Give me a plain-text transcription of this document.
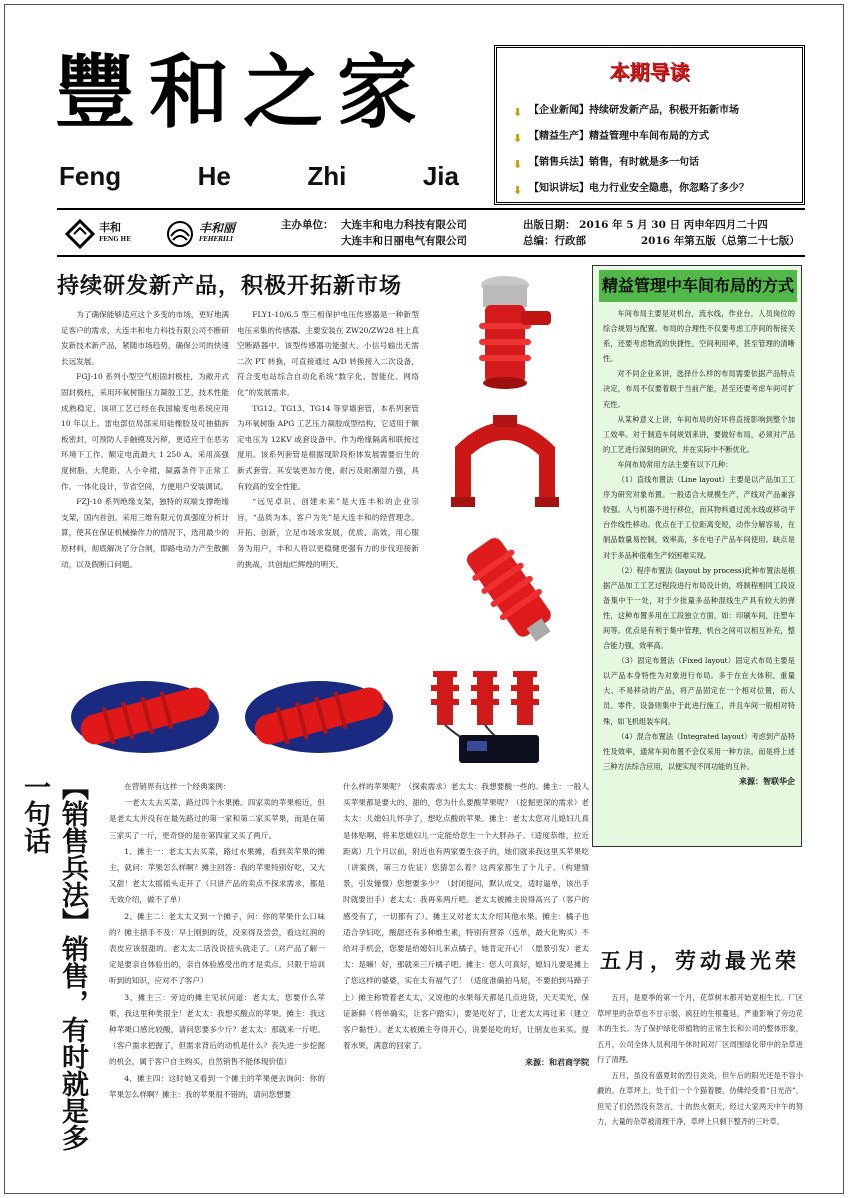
豐和之家
Feng	He	Zhi	Jia
本期导读
⬇ 【企业新闻】持续研发新产品，积极开拓新市场
⬇ 【精益生产】精益管理中车间布局的方式
⬇ 【销售兵法】销售，有时就是多一句话
⬇ 【知识讲坛】电力行业安全隐患，你忽略了多少？
丰和
FENG HE
丰和丽
FEHERILI
主办单位： 大连丰和电力科技有限公司
大连丰和日丽电气有限公司
出版日期： 2016 年 5 月 30 日 丙申年四月二十四
总编：行政部               2016 年第五版（总第二十七版）
持续研发新产品，积极开拓新市场

为了确保能够适应这个多变的市场，更好地满足客户的需求，大连丰和电力科技有限公司不断研发新技术新产品，紧随市场趋势，确保公司的快速长远发展。

FGJ-10 系列小型空气柜固封极柱，为敞开式固封极柱，采用环氧树脂压力凝胶工艺，技术性能成熟稳定，该项工艺已经在我国输变电系统应用 10 年以上。雷电部位局部采用硅橡胶及可抽插拆板密封，可预防人手触摸及污秽，更适应于在恶劣环境下工作。额定电流最大 1 250 A。采用高强度树脂，大爬距、人小伞裙，凝露条件下正常工作。一体化设计，节省空间，方便用户安装调试。

FZJ-10 系列绝缘支架，独特的双端支撑绝缘支架，国内首创。采用三维有限元仿真强度分析计算，使其在保证机械操作力的情况下，选用最少的原材料，彻底解决了分合闸，即路电动力产生散颤动，以及假断口问题。

FLY1-10/6.5 型三相保护电压传感器是一种新型电压采集的传感器。主要安装在 ZW20/ZW28 柱上真空断路器中。该型传感器功能强大，小信号输出无需二次 PT 转换，可直接通过 A/D 转换接入二次设备，符合变电站综合自动化系统“数字化、智能化、网络化”的发展需求。

TG12、TG13、TG14 等穿墙套管，本系列套管为环氧树脂 APG 工艺压力凝胶成型结构，它适用于额定电压为 12KV 或套设备中。作为绝缘隔离和联接过度用。该系列套管是根据现阶段柜体发展需要衍生的新式套管。其安装更加方便，耐污及耐潮湿力强，具有较高的安全性能。

“远见卓识、创建未来”是大连丰和的企业宗旨，“品质为本，客户为先”是大连丰和的经营理念。开拓、创新，立足市场求发展，优质、高效，用心服务为用户，丰和人将以更稳健更强有力的步伐迎接新的挑战，共创灿烂辉煌的明天。

精益管理中车间布局的方式

车间布局主要是对机台，流水线，作业台，人员岗位的综合规划与配置。布局的合理性不仅要考虑工序间的衔接关系，还要考虑物流的快捷性，空间利用率，甚至管理的清晰性。

对不同企业来讲，选择什么样的布局需要依据产品特点决定，布局不仅要着眼于当前产能，甚至还要考虑车间可扩充性。

从某种意义上讲，车间布局的好坏将直接影响到整个加工效率。对于制造车间规划来讲，要做好布局，必须对产品的工艺进行深刻的研究，并在实际中不断优化。

车间布局常用方法主要有以下几种：

（1）直线布置法（Line layout）主要是以产品加工工序为研究对象布置。一般适合大规模生产，产线对产品兼容较强。人与机器不进行移位，而其物料通过流水线或移动平台作线性移动。优点在于工位距离变短，动作分解容易，在制品数量易控制，效率高，多在电子产品车间使用。缺点是对于多品种很难生产较困难实现。

（2）程序布置法 (layout by process)此种布置法是根据产品加工工艺过程段进行布局设计的，将制程相同工段设备集中于一处，对于少批量多品种混线生产具有较大的弹性，这种布置多用在工段独立方面，如：印刷车间，注塑车间等。优点是有利于集中管理，机台之间可以相互补充，整合能力强，效率高。

（3）固定布置法（Fixed layout）固定式布局主要是以产品本身特性为对象进行布局。多于在在大体积、重量大、不易移动的产品，将产品固定在一个相对位置，而人员、零件、设备则集中于此进行施工，并且车间一般相对特殊，如飞机组装车间。

（4）混合布置法（Integrated layout）考虑到产品特性及效率，通常车间布置不会仅采用一种方法，而是将上述三种方法综合应用，以便实现不同功能的互补。

来源：智联华企
【销售兵法】销售，有时就是多一句话	在营销界有这样一个经典案例：

一老太太去买菜，路过四个水果摊。四家卖的苹果相近，但是老太太并没有在最先路过的第一家和第二家买苹果，而是在第三家买了一斤，更奇怪的是在第四家又买了两斤。

1、摊主一：老太太去买菜，路过水果摊，看到卖苹果的摊主，就问：苹果怎么样啊？摊主回答：我的苹果特别好吃，又大又甜！老太太摇摇头走开了（只讲产品的卖点不探求需求，都是无效介绍，做不了单）

2、摊主二：老太太又到一个摊子，问：你的苹果什么口味的？摊主措手不及：早上刚到的货，没来得及尝尝，看这红润的表皮应该很甜的。老太太二话没说扭头就走了。（对产品了解一定是要亲自体验出的，亲自体验感受出的才是卖点。只限于培训听到的知识，应对不了客户）

3、摊主三：旁边的摊主见状问道：老太太，您要什么苹果，我这里种类很全！老太太：我想买酸点的苹果。摊主：我这种苹果口感比较酸，请问您要多少斤？老太太：那就来一斤吧。（客户需求把握了，但需求背后的动机是什么？丧失进一步挖掘的机会，属于客户自主购买，自然销售不能体现价值）

4、摊主四：这时她又看到一个摊主的苹果便去询问：你的苹果怎么样啊？摊主：我的苹果很不错的，请问您想要

什么样的苹果呢？（探索需求）老太太：我想要酸一些的。摊主：一般人买苹果都是要大的、甜的，您为什么要酸苹果呢？（挖掘更深的需求）老太太：儿媳妇儿怀孕了，想吃点酸的苹果。摊主：老太太您对儿媳妇儿真是体贴啊，将来您媳妇儿一定能给您生一个大胖孙子。（适度恭维，拉近距离）几个月以前，附近也有两家要生孩子的，她们就来我这里买苹果吃（讲案例，第三方佐证）您猜怎么着？这两家都生了个儿子。（构建情景，引发憧憬）您想要多少？（封闭提问，默认成交，适时逼单，该出手时就要出手）老太太：我再来两斤吧。老太太被摊主说得高兴了（客户的感受有了，一切都有了）。摊主又对老太太介绍其他水果。摊主：橘子也适合孕妇吃，酸甜还有多种维生素，特别有营养（连单，最大化购买）不给对手机会，您要是给媳妇儿来点橘子，她肯定开心！（愿景引发）老太太：是嘛！好，那就来三斤橘子吧。摊主：您人可真好，媳妇儿要是摊上了您这样的婆婆，实在太有福气了！（适度准确拍马屁，不要拍到马蹄子上）摊主称赞着老太太，又说他的水果每天都是几点进货，天天卖光，保证新鲜（将单确实，让客户踏实），要是吃好了，让老太太再过来（建立客户黏性）。老太太被摊主夸得开心，说要是吃的好，让朋友也来买。提着水果，满意的回家了。
来源：和君商学院
五月，劳动最光荣

五月，是夏季的第一个月，花草树木都开始竟相生长。厂区草坪里的杂草也不甘示弱，疯狂的生根蔓延，严重影响了旁边花木的生长。为了保护绿化带植物的正常生长和公司的整体形象，五月，公司全体人员利用午休时间对厂区周围绿化带中的杂草进行了清理。

五月，虽没有盛夏时的烈日炎炎，但午后的阳光还是不容小觑的。在草坪上，处于们一个个猫着腰，仿佛经受着“日光浴”，但见了们仍然没有怨言，十的热火朝天，经过大家两天中午的努力，大量的杂草被清理干净，草坪上只剩下整齐的三叶草。
